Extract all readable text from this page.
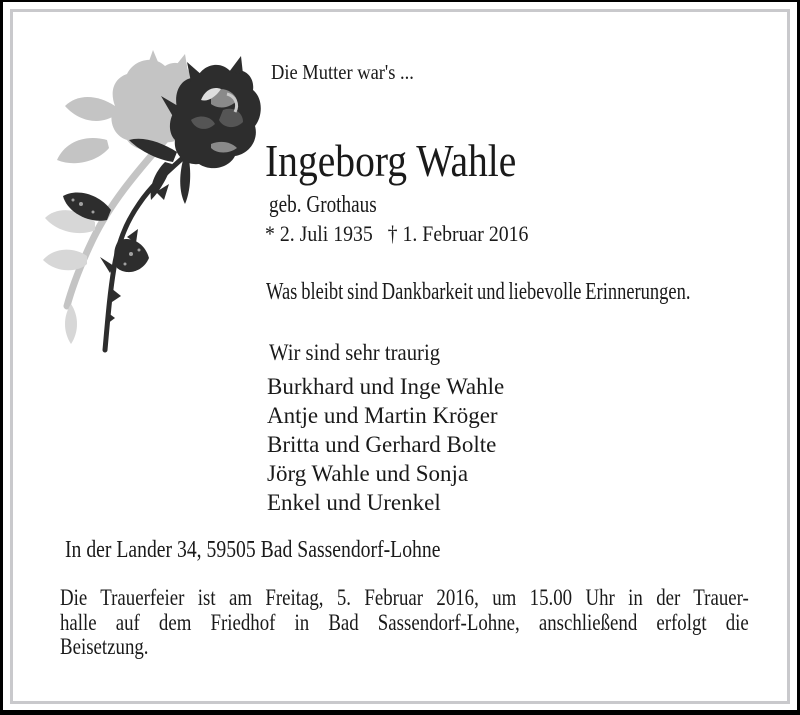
Die Mutter war's ...
Ingeborg Wahle
geb. Grothaus
* 2. Juli 1935   † 1. Februar 2016
Was bleibt sind Dankbarkeit und liebevolle Erinnerungen.
Wir sind sehr traurig
Burkhard und Inge Wahle
Antje und Martin Kröger
Britta und Gerhard Bolte
Jörg Wahle und Sonja
Enkel und Urenkel
In der Lander 34, 59505 Bad Sassendorf-Lohne
Die Trauerfeier ist am Freitag, 5. Februar 2016, um 15.00 Uhr in der Trauer-
halle auf dem Friedhof in Bad Sassendorf-Lohne, anschließend erfolgt die
Beisetzung.
